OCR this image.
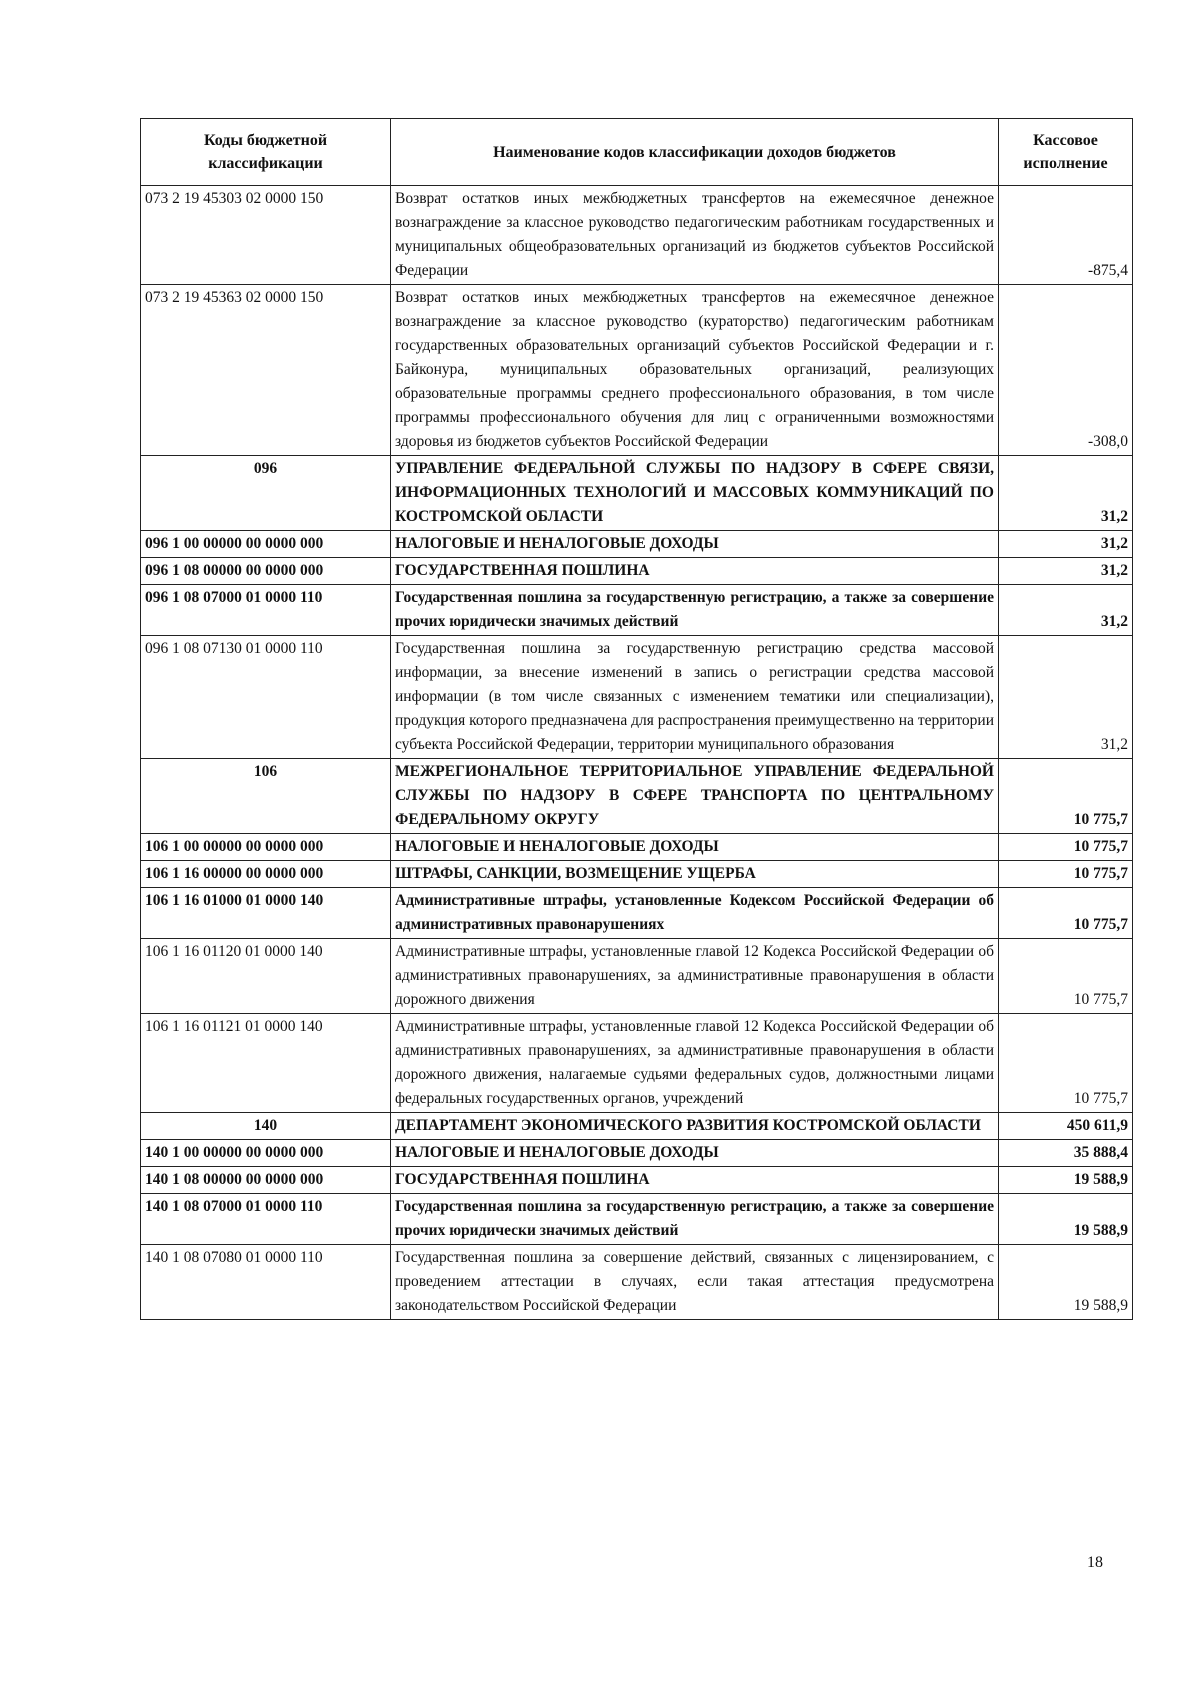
Коды бюджетной классификации	Наименование кодов классификации доходов бюджетов	Кассовое исполнение
073 2 19 45303 02 0000 150	Возврат остатков иных межбюджетных трансфертов на ежемесячное денежное вознаграждение за классное руководство педагогическим работникам государственных и муниципальных общеобразовательных организаций из бюджетов субъектов Российской Федерации	-875,4
073 2 19 45363 02 0000 150	Возврат остатков иных межбюджетных трансфертов на ежемесячное денежное вознаграждение за классное руководство (кураторство) педагогическим работникам государственных образовательных организаций субъектов Российской Федерации и г. Байконура, муниципальных образовательных организаций, реализующих образовательные программы среднего профессионального образования, в том числе программы профессионального обучения для лиц с ограниченными возможностями здоровья из бюджетов субъектов Российской Федерации	-308,0
096	УПРАВЛЕНИЕ ФЕДЕРАЛЬНОЙ СЛУЖБЫ ПО НАДЗОРУ В СФЕРЕ СВЯЗИ, ИНФОРМАЦИОННЫХ ТЕХНОЛОГИЙ И МАССОВЫХ КОММУНИКАЦИЙ ПО КОСТРОМСКОЙ ОБЛАСТИ	31,2
096 1 00 00000 00 0000 000	НАЛОГОВЫЕ И НЕНАЛОГОВЫЕ ДОХОДЫ	31,2
096 1 08 00000 00 0000 000	ГОСУДАРСТВЕННАЯ ПОШЛИНА	31,2
096 1 08 07000 01 0000 110	Государственная пошлина за государственную регистрацию, а также за совершение прочих юридически значимых действий	31,2
096 1 08 07130 01 0000 110	Государственная пошлина за государственную регистрацию средства массовой информации, за внесение изменений в запись о регистрации средства массовой информации (в том числе связанных с изменением тематики или специализации), продукция которого предназначена для распространения преимущественно на территории субъекта Российской Федерации, территории муниципального образования	31,2
106	МЕЖРЕГИОНАЛЬНОЕ ТЕРРИТОРИАЛЬНОЕ УПРАВЛЕНИЕ ФЕДЕРАЛЬНОЙ СЛУЖБЫ ПО НАДЗОРУ В СФЕРЕ ТРАНСПОРТА ПО ЦЕНТРАЛЬНОМУ ФЕДЕРАЛЬНОМУ ОКРУГУ	10 775,7
106 1 00 00000 00 0000 000	НАЛОГОВЫЕ И НЕНАЛОГОВЫЕ ДОХОДЫ	10 775,7
106 1 16 00000 00 0000 000	ШТРАФЫ, САНКЦИИ, ВОЗМЕЩЕНИЕ УЩЕРБА	10 775,7
106 1 16 01000 01 0000 140	Административные штрафы, установленные Кодексом Российской Федерации об административных правонарушениях	10 775,7
106 1 16 01120 01 0000 140	Административные штрафы, установленные главой 12 Кодекса Российской Федерации об административных правонарушениях, за административные правонарушения в области дорожного движения	10 775,7
106 1 16 01121 01 0000 140	Административные штрафы, установленные главой 12 Кодекса Российской Федерации об административных правонарушениях, за административные правонарушения в области дорожного движения, налагаемые судьями федеральных судов, должностными лицами федеральных государственных органов, учреждений	10 775,7
140	ДЕПАРТАМЕНТ ЭКОНОМИЧЕСКОГО РАЗВИТИЯ КОСТРОМСКОЙ ОБЛАСТИ	450 611,9
140 1 00 00000 00 0000 000	НАЛОГОВЫЕ И НЕНАЛОГОВЫЕ ДОХОДЫ	35 888,4
140 1 08 00000 00 0000 000	ГОСУДАРСТВЕННАЯ ПОШЛИНА	19 588,9
140 1 08 07000 01 0000 110	Государственная пошлина за государственную регистрацию, а также за совершение прочих юридически значимых действий	19 588,9
140 1 08 07080 01 0000 110	Государственная пошлина за совершение действий, связанных с лицензированием, с проведением аттестации в случаях, если такая аттестация предусмотрена законодательством Российской Федерации	19 588,9
18
